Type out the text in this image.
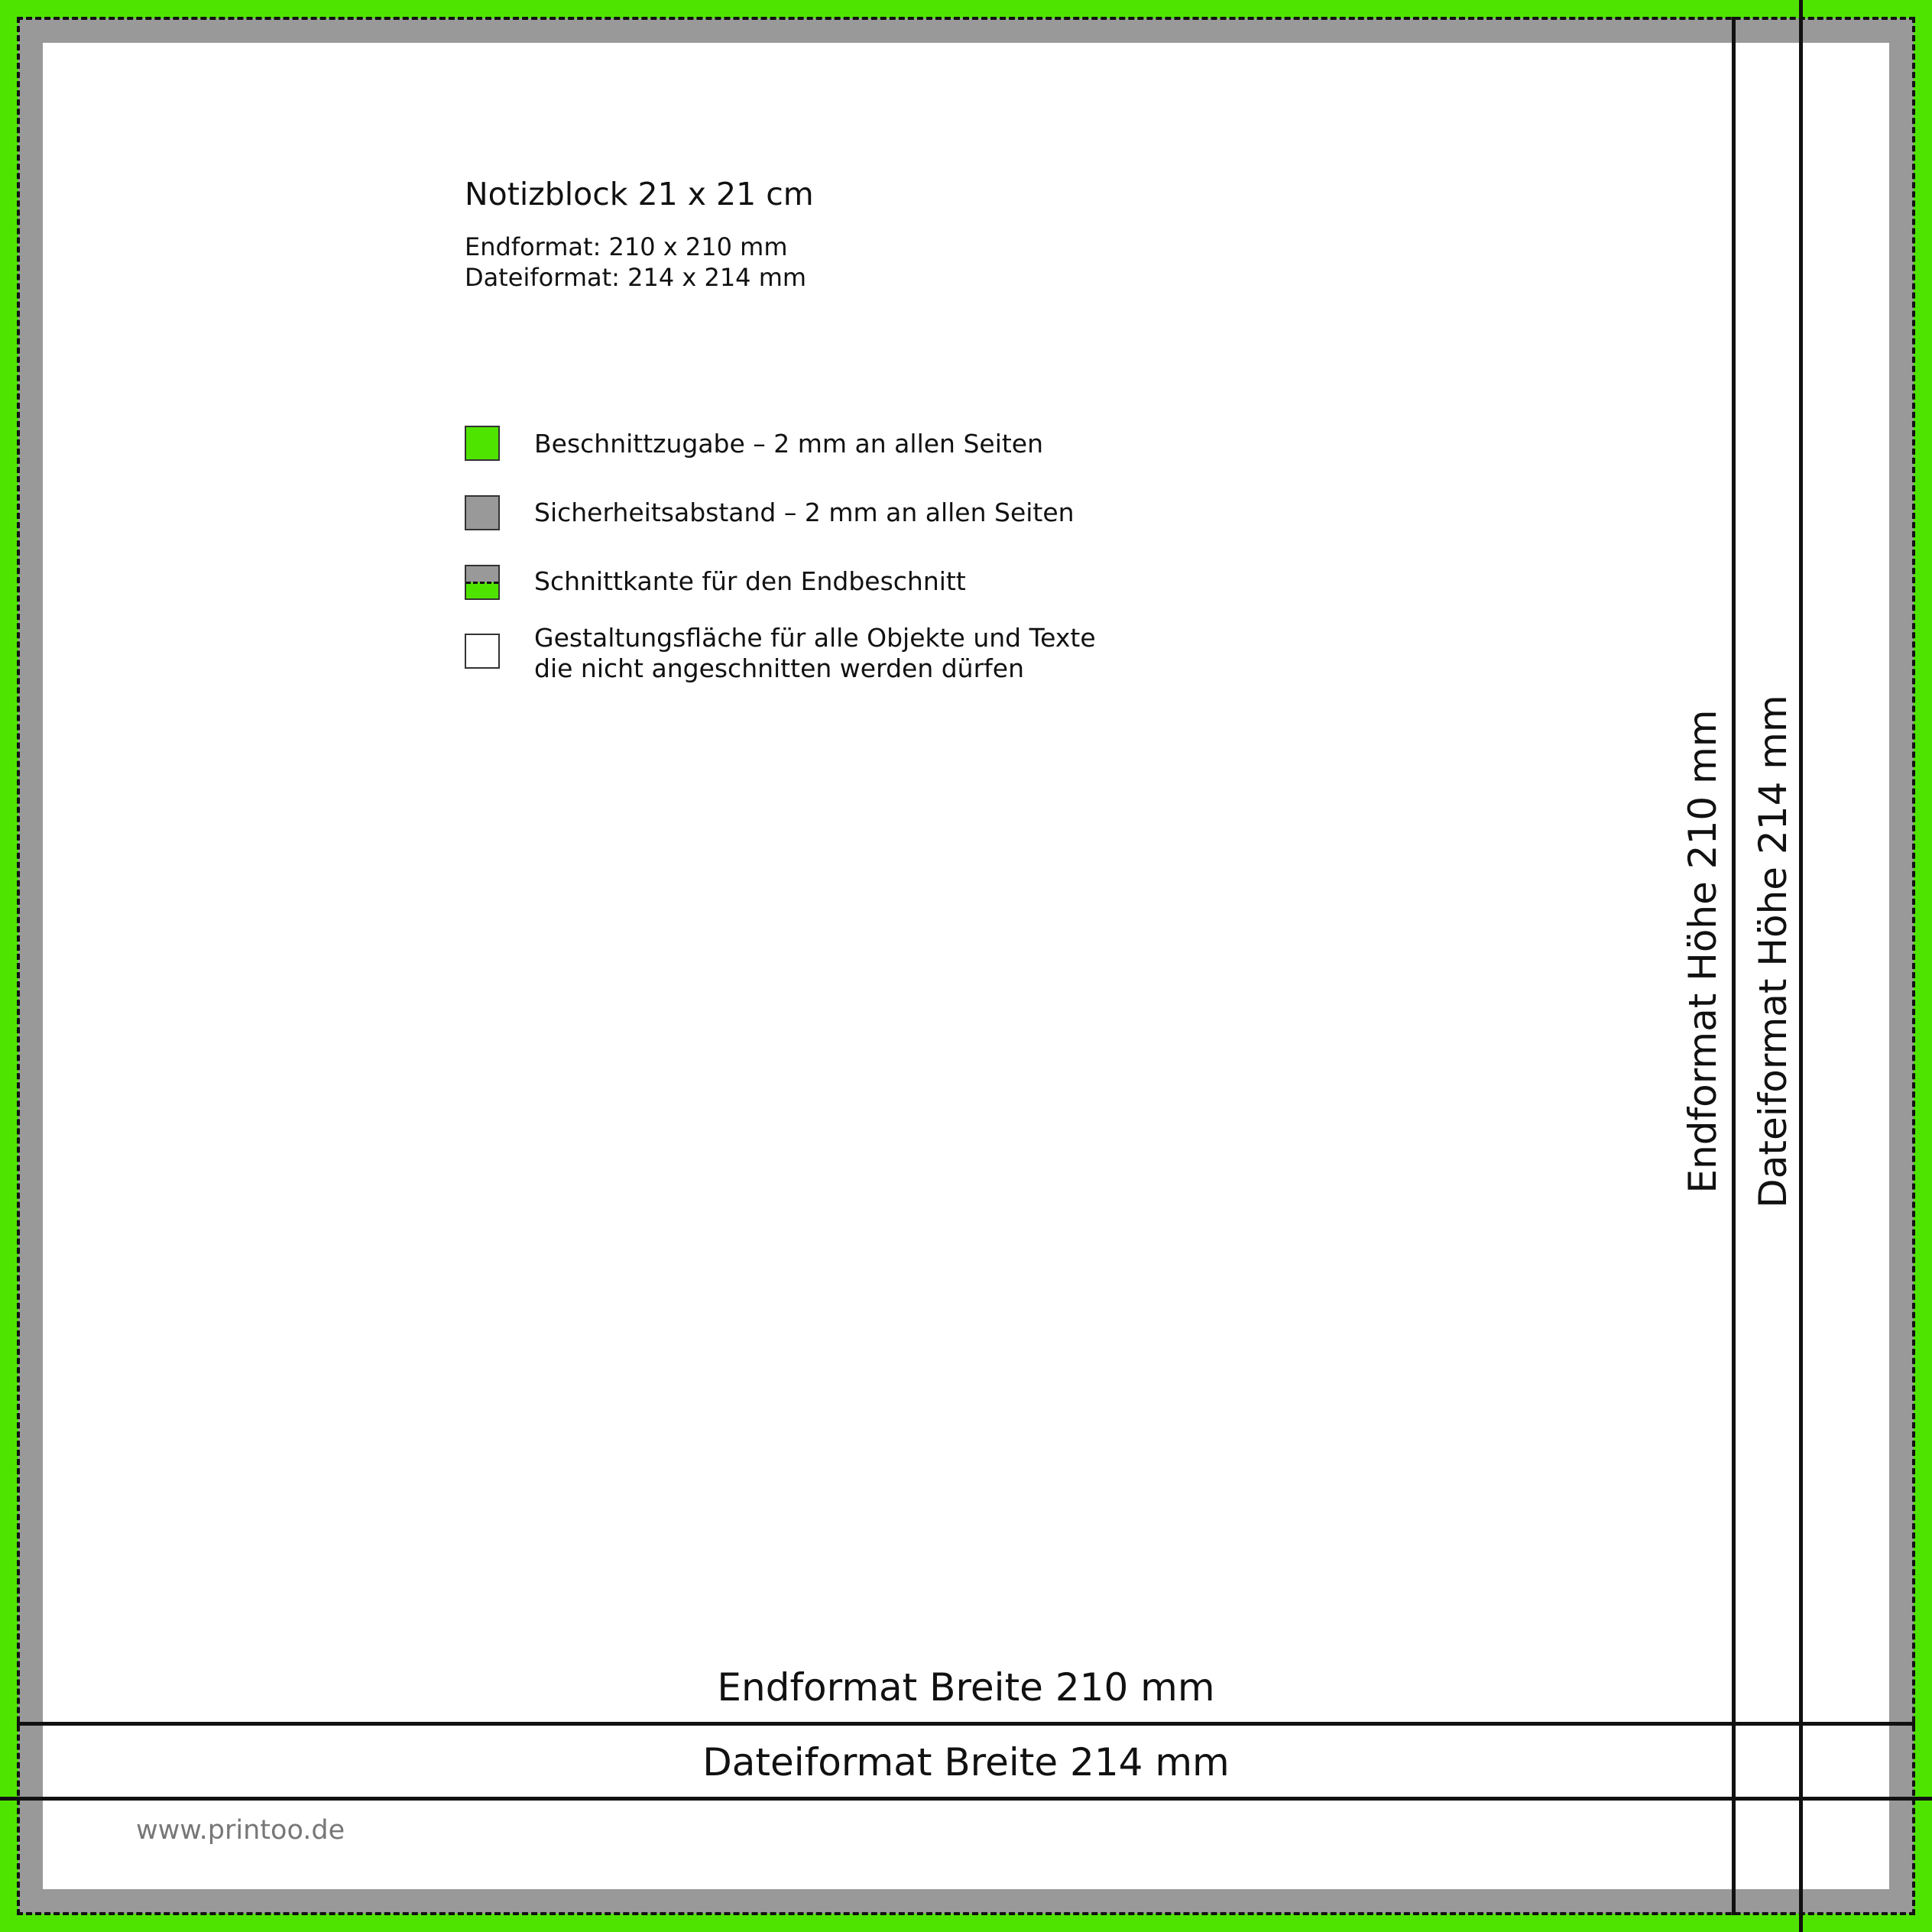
Notizblock 21 x 21 cm
Endformat: 210 x 210 mm
Dateiformat: 214 x 214 mm
Beschnittzugabe – 2 mm an allen Seiten
Sicherheitsabstand – 2 mm an allen Seiten
Schnittkante für den Endbeschnitt
Gestaltungsfläche für alle Objekte und Texte
die nicht angeschnitten werden dürfen
Endformat Breite 210 mm
Dateiformat Breite 214 mm
Endformat Höhe 210 mm Dateiformat Höhe 214 mm
www.printoo.de
